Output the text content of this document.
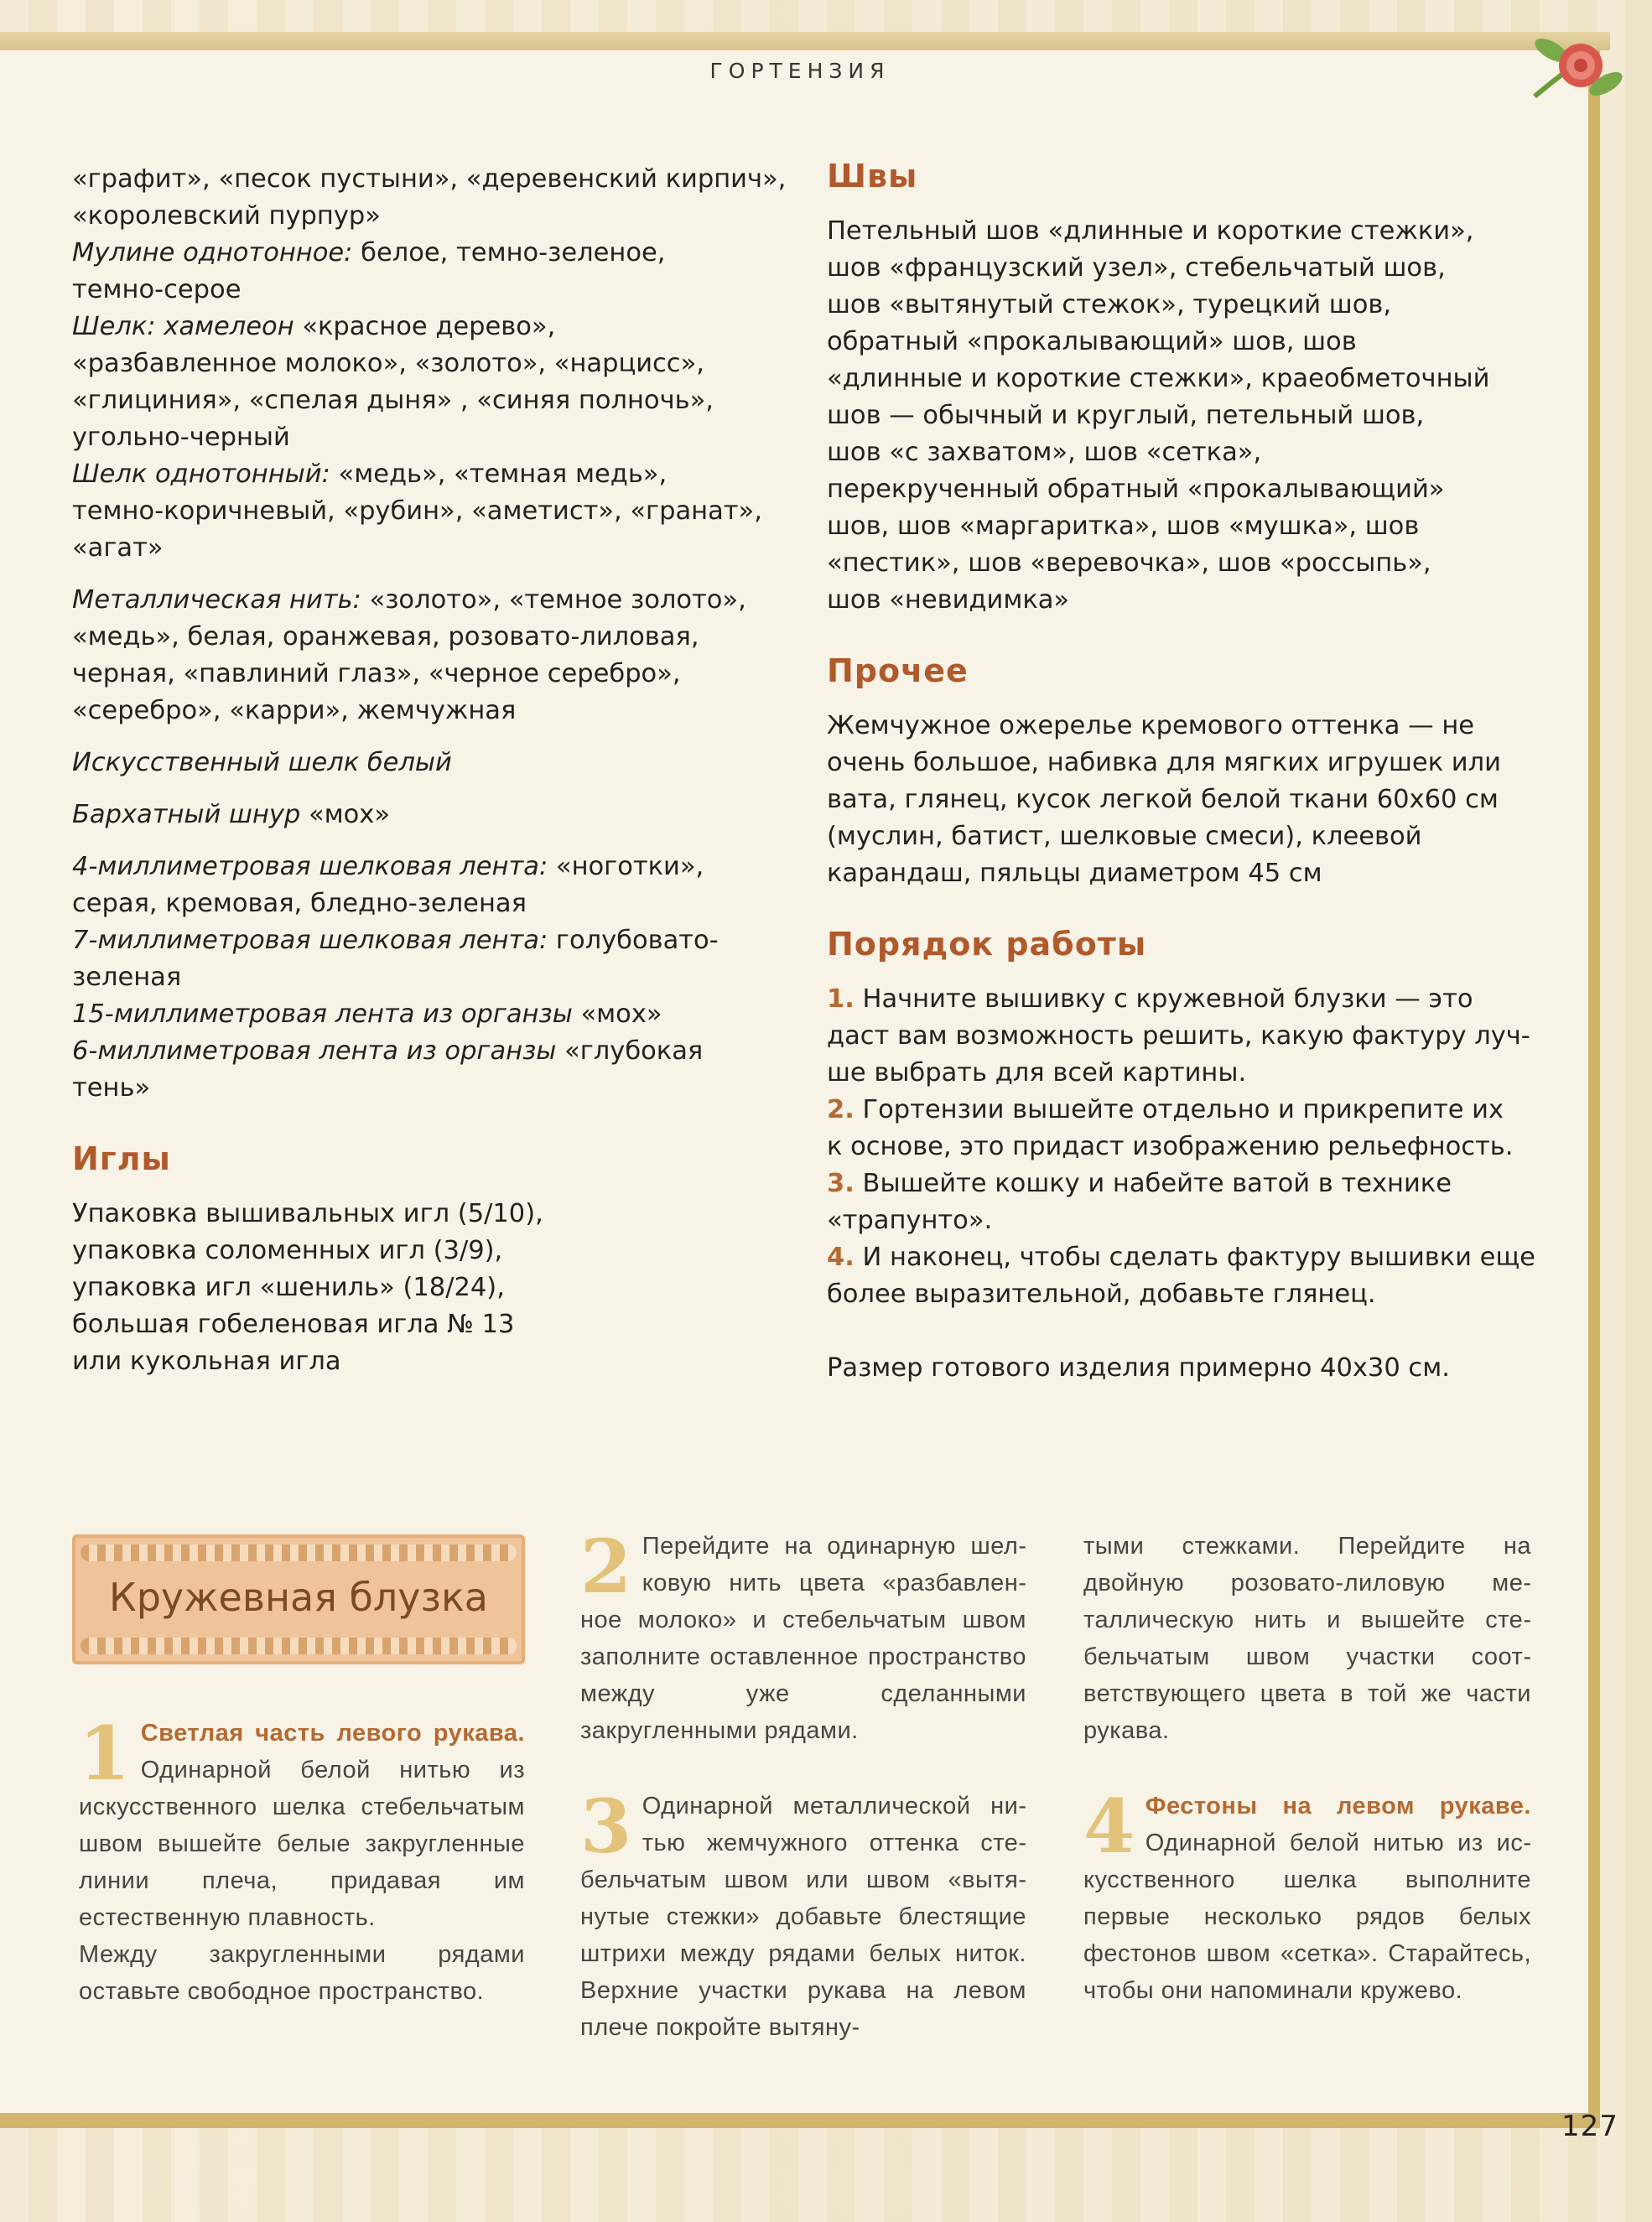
ГОРТЕНЗИЯ

«графит», «песок пустыни», «деревенский кирпич»,

«королевский пурпур»

Мулине однотонное: белое, темно-зеленое,

темно-серое

Шелк: хамелеон «красное дерево»,

«разбавленное молоко», «золото», «нарцисс»,

«глициния», «спелая дыня» , «синяя полночь»,

угольно-черный

Шелк однотонный: «медь», «темная медь»,

темно-коричневый, «рубин», «аметист», «гранат»,

«агат»

Металлическая нить: «золото», «темное золото»,

«медь», белая, оранжевая, розовато-лиловая,

черная, «павлиний глаз», «черное серебро»,

«серебро», «карри», жемчужная

Искусственный шелк белый

Бархатный шнур «мох»

4-миллиметровая шелковая лента: «ноготки»,

серая, кремовая, бледно-зеленая

7-миллиметровая шелковая лента: голубовато-

зеленая

15-миллиметровая лента из органзы «мох»

6-миллиметровая лента из органзы «глубокая

тень»

Иглы

Упаковка вышивальных игл (5/10),

упаковка соломенных игл (3/9),

упаковка игл «шениль» (18/24),

большая гобеленовая игла № 13

или кукольная игла

Швы

Петельный шов «длинные и короткие стежки»,

шов «французский узел», стебельчатый шов,

шов «вытянутый стежок», турецкий шов,

обратный «прокалывающий» шов, шов

«длинные и короткие стежки», краеобметочный

шов — обычный и круглый, петельный шов,

шов «с захватом», шов «сетка»,

перекрученный обратный «прокалывающий»

шов, шов «маргаритка», шов «мушка», шов

«пестик», шов «веревочка», шов «россыпь»,

шов «невидимка»

Прочее

Жемчужное ожерелье кремового оттенка — не

очень большое, набивка для мягких игрушек или

вата, глянец, кусок легкой белой ткани 60х60 см

(муслин, батист, шелковые смеси), клеевой

карандаш, пяльцы диаметром 45 см

Порядок работы

1. Начните вышивку с кружевной блузки — это

даст вам возможность решить, какую фактуру луч-

ше выбрать для всей картины.

2. Гортензии вышейте отдельно и прикрепите их

к основе, это придаст изображению рельефность.

3. Вышейте кошку и набейте ватой в технике

«трапунто».

4. И наконец, чтобы сделать фактуру вышивки еще

более выразительной, добавьте глянец.

Размер готового изделия примерно 40х30 см.

Кружевная блузка

1 Светлая часть левого рукава. Одинарной белой нитью из искусственного шелка стебельчатым швом вышейте белые закругленные линии плеча, придавая им естественную плавность.

Между закругленными рядами оставьте свободное пространство.

2 Перейдите на одинарную шелковую нить цвета «разбавленное молоко» и стебельчатым швом заполните оставленное пространство между уже сделанными закругленными рядами.

3 Одинарной металлической нитью жемчужного оттенка стебельчатым швом или швом «вытянутые стежки» добавьте блестящие штрихи между рядами белых ниток. Верхние участки рукава на левом плече покройте вытяну-

тыми стежками. Перейдите на двойную розовато-лиловую металлическую нить и вышейте стебельчатым швом участки соответствующего цвета в той же части рукава.

4 Фестоны на левом рукаве. Одинарной белой нитью из искусственного шелка выполните первые несколько рядов белых фестонов швом «сетка». Старайтесь, чтобы они напоминали кружево.

127
